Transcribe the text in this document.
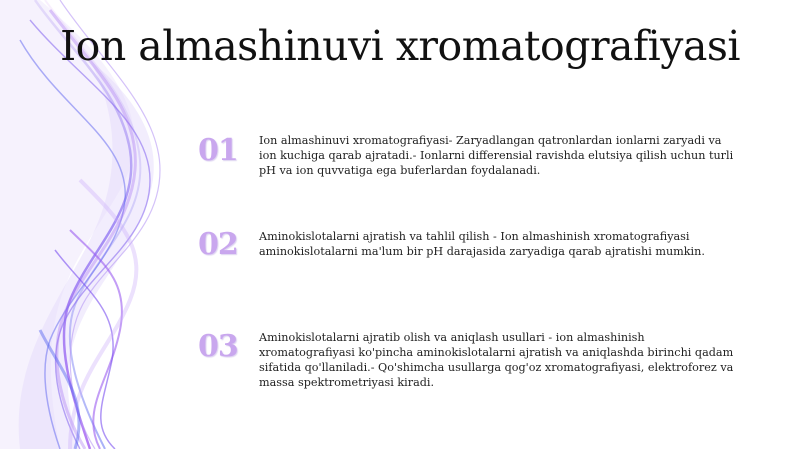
Ion almashinuvi xromatografiyasi
01	Ion almashinuvi xromatografiyasi- Zaryadlangan qatronlardan ionlarni zaryadi va ion kuchiga qarab ajratadi.- Ionlarni differensial ravishda elutsiya qilish uchun turli pH va ion quvvatiga ega buferlardan foydalanadi.
02	Aminokislotalarni ajratish va tahlil qilish - Ion almashinish xromatografiyasi aminokislotalarni ma'lum bir pH darajasida zaryadiga qarab ajratishi mumkin.
03	Aminokislotalarni ajratib olish va aniqlash usullari - ion almashinish xromatografiyasi ko'pincha aminokislotalarni ajratish va aniqlashda birinchi qadam sifatida qo'llaniladi.- Qo'shimcha usullarga qog'oz xromatografiyasi, elektroforez va massa spektrometriyasi kiradi.
